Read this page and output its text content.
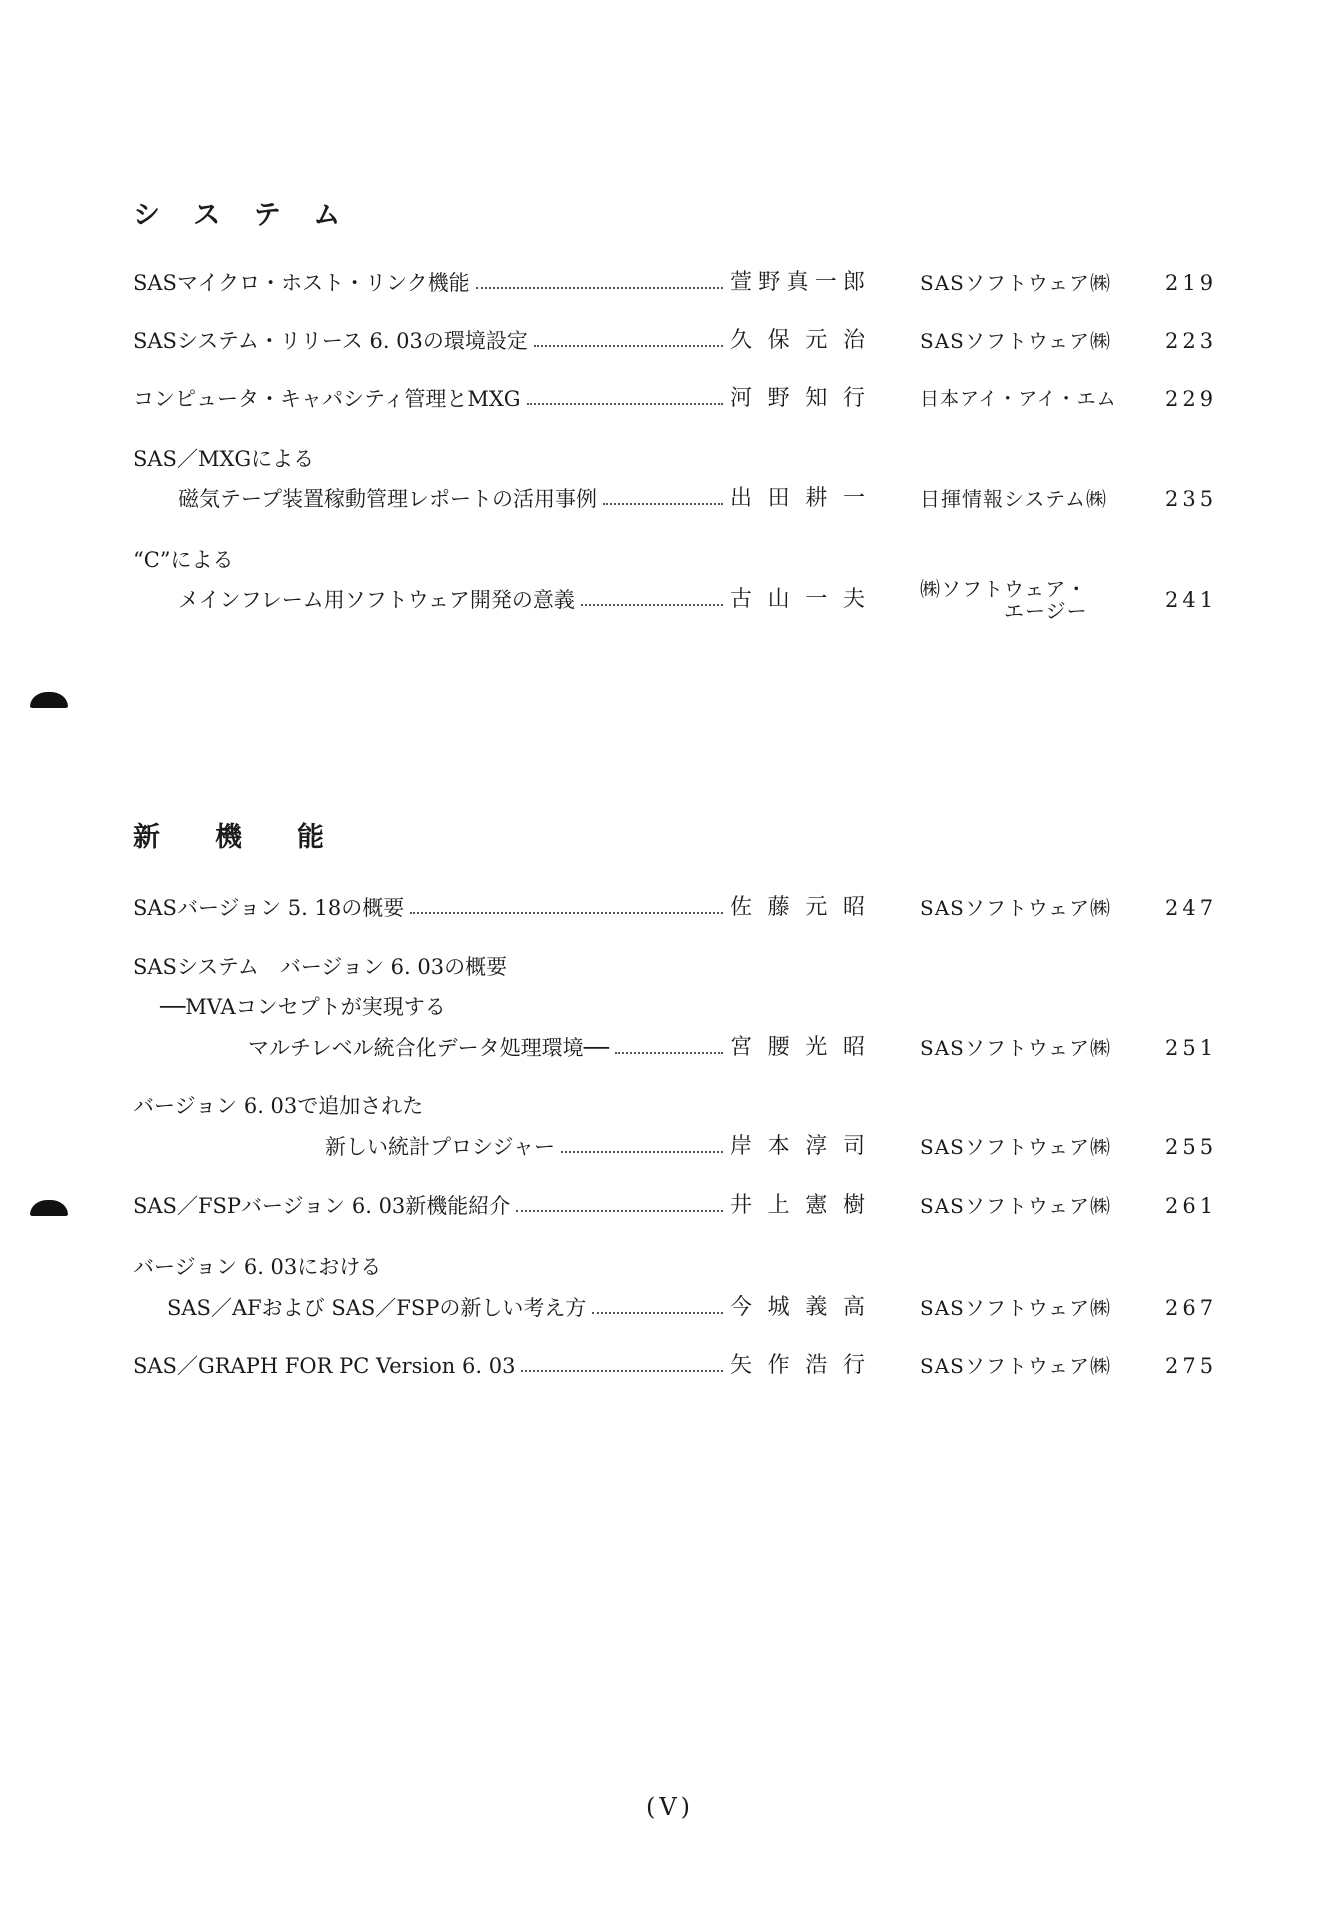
システム
SASマイクロ・ホスト・リンク機能	萱野真一郎	SASソフトウェア㈱	219
SASシステム・リリース 6. 03の環境設定	久保元治	SASソフトウェア㈱	223
コンピュータ・キャパシティ管理とMXG	河野知行	日本アイ・アイ・エム	229
SAS／MXGによる
磁気テープ装置稼動管理レポートの活用事例	出田耕一	日揮情報システム㈱	235
“C”による
メインフレーム用ソフトウェア開発の意義	古山一夫	㈱ソフトウェア・
　　　　エージー	241
新機能
SASバージョン 5. 18の概要	佐藤元昭	SASソフトウェア㈱	247
SASシステム　バージョン 6. 03の概要
──MVAコンセプトが実現する
マルチレベル統合化データ処理環境──	宮腰光昭	SASソフトウェア㈱	251
バージョン 6. 03で追加された
新しい統計プロシジャー	岸本淳司	SASソフトウェア㈱	255
SAS／FSPバージョン 6. 03新機能紹介	井上憲樹	SASソフトウェア㈱	261
バージョン 6. 03における
SAS／AFおよび SAS／FSPの新しい考え方	今城義高	SASソフトウェア㈱	267
SAS／GRAPH FOR PC Version 6. 03	矢作浩行	SASソフトウェア㈱	275
(V)
